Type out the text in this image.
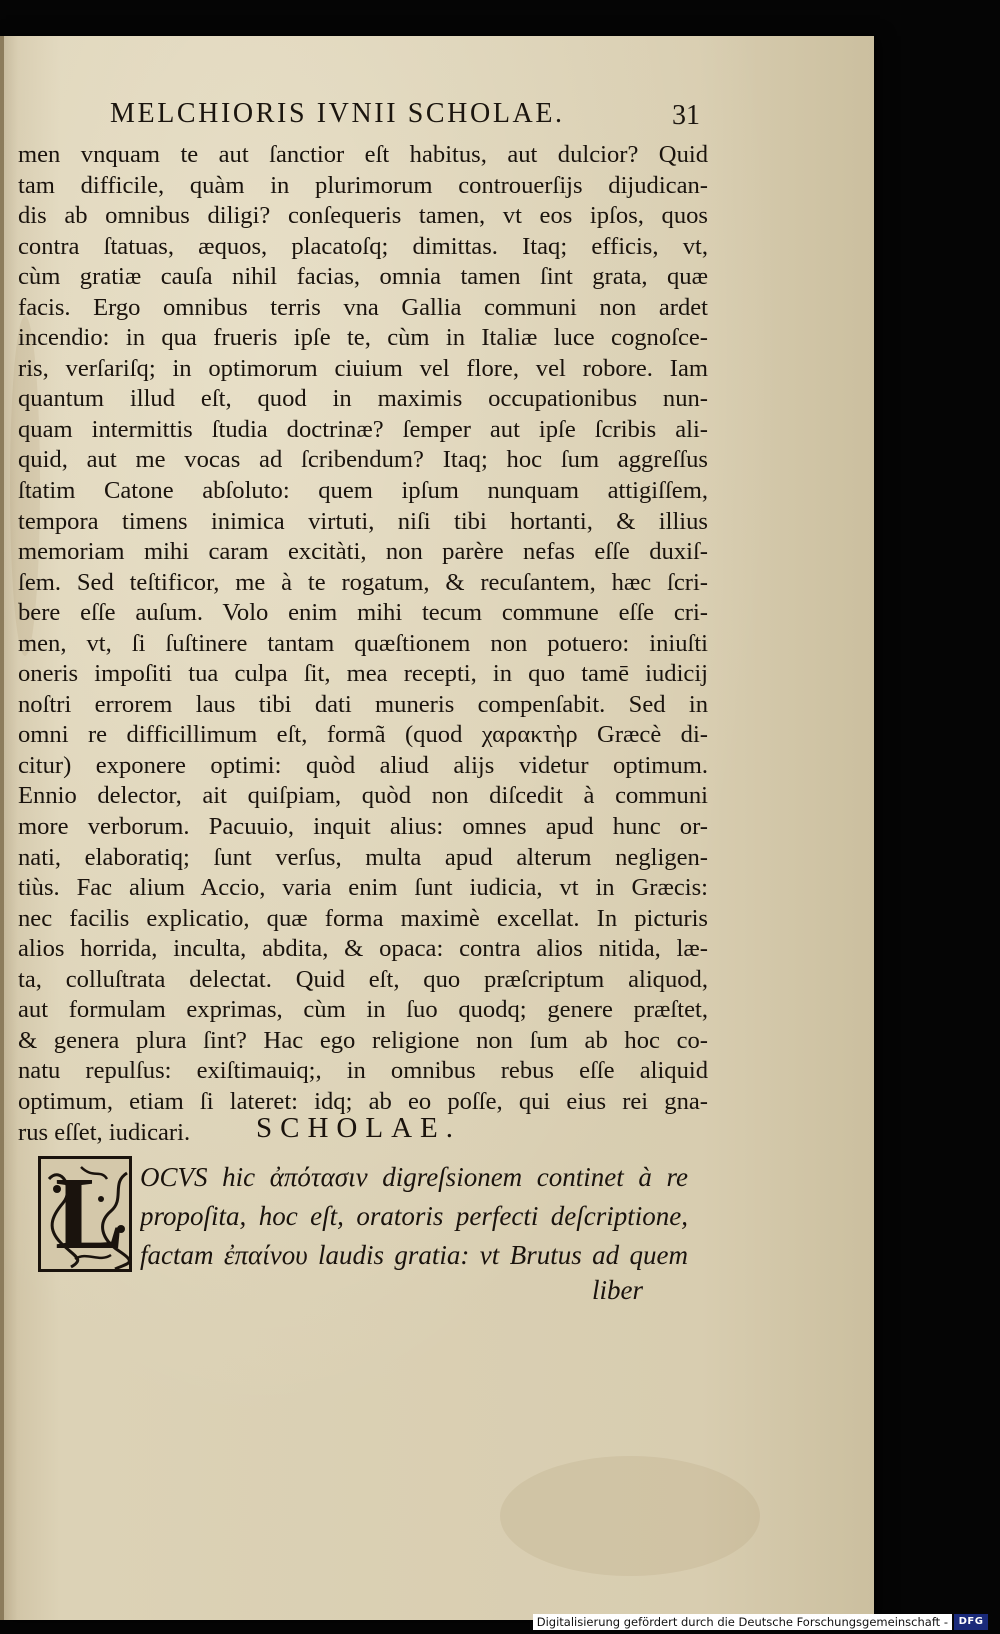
MELCHIORIS IVNII SCHOLAE.	31
men vnquam te aut ſanctior eſt habitus, aut dulcior? Quid
tam difficile, quàm in plurimorum controuerſijs dijudican-
dis ab omnibus diligi? conſequeris tamen, vt eos ipſos, quos
contra ſtatuas, æquos, placatoſq; dimittas. Itaq; efficis, vt,
cùm gratiæ cauſa nihil facias, omnia tamen ſint grata, quæ
facis. Ergo omnibus terris vna Gallia communi non ardet
incendio: in qua frueris ipſe te, cùm in Italiæ luce cognoſce-
ris, verſariſq; in optimorum ciuium vel flore, vel robore. Iam
quantum illud eſt, quod in maximis occupationibus nun-
quam intermittis ſtudia doctrinæ? ſemper aut ipſe ſcribis ali-
quid, aut me vocas ad ſcribendum? Itaq; hoc ſum aggreſſus
ſtatim Catone abſoluto: quem ipſum nunquam attigiſſem,
tempora timens inimica virtuti, niſi tibi hortanti, & illius
memoriam mihi caram excitàti, non parère nefas eſſe duxiſ-
ſem. Sed teſtificor, me à te rogatum, & recuſantem, hæc ſcri-
bere eſſe auſum. Volo enim mihi tecum commune eſſe cri-
men, vt, ſi ſuſtinere tantam quæſtionem non potuero: iniuſti
oneris impoſiti tua culpa ſit, mea recepti, in quo tamē iudicij
noſtri errorem laus tibi dati muneris compenſabit. Sed in
omni re difficillimum eſt, formã (quod χαρακτὴρ Græcè di-
citur) exponere optimi: quòd aliud alijs videtur optimum.
Ennio delector, ait quiſpiam, quòd non diſcedit à communi
more verborum. Pacuuio, inquit alius: omnes apud hunc or-
nati, elaboratiq; ſunt verſus, multa apud alterum negligen-
tiùs. Fac alium Accio, varia enim ſunt iudicia, vt in Græcis:
nec facilis explicatio, quæ forma maximè excellat. In picturis
alios horrida, inculta, abdita, & opaca: contra alios nitida, læ-
ta, colluſtrata delectat. Quid eſt, quo præſcriptum aliquod,
aut formulam exprimas, cùm in ſuo quodq; genere præſtet,
& genera plura ſint? Hac ego religione non ſum ab hoc co-
natu repulſus: exiſtimauiq;, in omnibus rebus eſſe aliquid
optimum, etiam ſi lateret: idq; ab eo poſſe, qui eius rei gna-
rus eſſet, iudicari.	SCHOLAE.
L OCVS hic ἀπότασιν digreſsionem continet à re
propoſita, hoc eſt, oratoris perfecti deſcriptione,
factam ἐπαίνου laudis gratia: vt Brutus ad quem
liber
Digitalisierung gefördert durch die Deutsche Forschungsgemeinschaft -	DFG
